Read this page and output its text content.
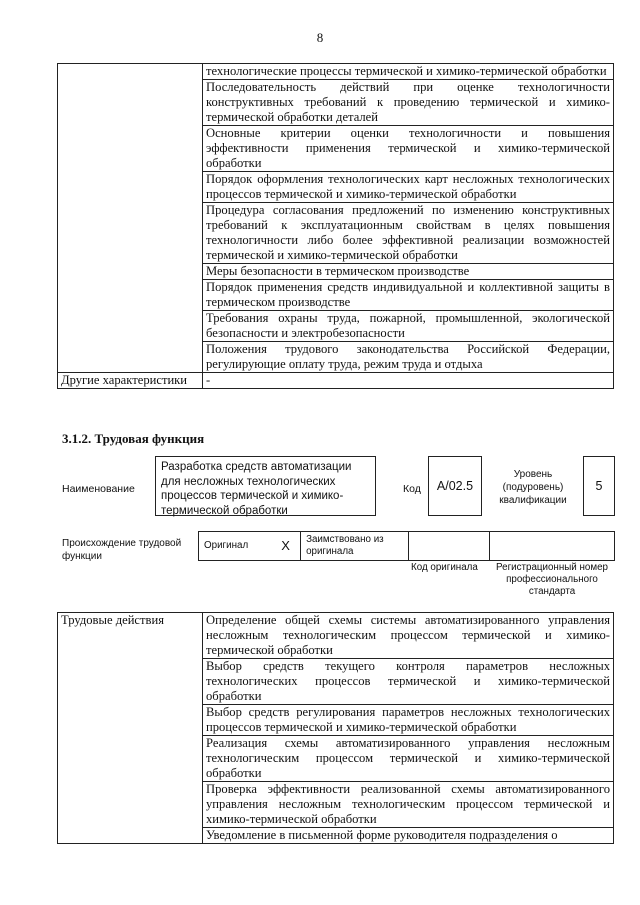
8
	технологические процессы термической и химико-термической обработки
	Последовательность действий при оценке технологичности конструктивных требований к проведению термической и химико-термической обработки деталей
	Основные критерии оценки технологичности и повышения эффективности применения термической и химико-термической обработки
	Порядок оформления технологических карт несложных технологических процессов термической и химико-термической обработки
	Процедура согласования предложений по изменению конструктивных требований к эксплуатационным свойствам в целях повышения технологичности либо более эффективной реализации возможностей термической и химико-термической обработки
	Меры безопасности в термическом производстве
	Порядок применения средств индивидуальной и коллективной защиты в термическом производстве
	Требования охраны труда, пожарной, промышленной, экологической безопасности и электробезопасности
	Положения трудового законодательства Российской Федерации, регулирующие оплату труда, режим труда и отдыха
Другие характеристики	-
3.1.2. Трудовая функция
Наименование
Разработка средств автоматизации для несложных технологических процессов термической и химико-термической обработки
Код	A/02.5
Уровень (подуровень) квалификации
5
Происхождение трудовой функции
Оригинал	X	Заимствовано из оригинала		
Код оригинала	Регистрационный номер профессионального стандарта
Трудовые действия	Определение общей схемы системы автоматизированного управления несложным технологическим процессом термической и химико-термической обработки
Выбор средств текущего контроля параметров несложных технологических процессов термической и химико-термической обработки
Выбор средств регулирования параметров несложных технологических процессов термической и химико-термической обработки
Реализация схемы автоматизированного управления несложным технологическим процессом термической и химико-термической обработки
Проверка эффективности реализованной схемы автоматизированного управления несложным технологическим процессом термической и химико-термической обработки
Уведомление в письменной форме руководителя подразделения о
